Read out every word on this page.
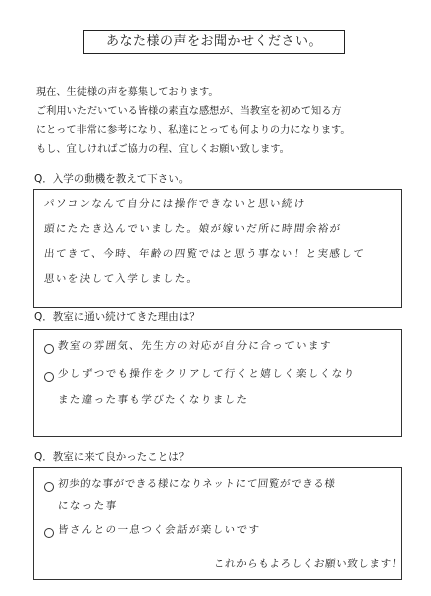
あなた様の声をお聞かせください。

現在、生徒様の声を募集しております。

ご利用いただいている皆様の素直な感想が、当教室を初めて知る方

にとって非常に参考になり、私達にとっても何よりの力になります。

もし、宜しければご協力の程、宜しくお願い致します。

Q．入学の動機を教えて下さい。
パソコンなんて自分には操作できないと思い続け
頭にたたき込んでいました。娘が嫁いだ所に時間余裕が
出てきて、今時、年齢の四覧ではと思う事ない！と実感して
思いを決して入学しました。
Q．教室に通い続けてきた理由は？
教室の雰囲気、先生方の対応が自分に合っています
少しずつでも操作をクリアして行くと嬉しく楽しくなり
また違った事も学びたくなりました
Q．教室に来て良かったことは？
初歩的な事ができる様になりネットにて回覧ができる様
になった事
皆さんとの一息つく会話が楽しいです
これからもよろしくお願い致します！
